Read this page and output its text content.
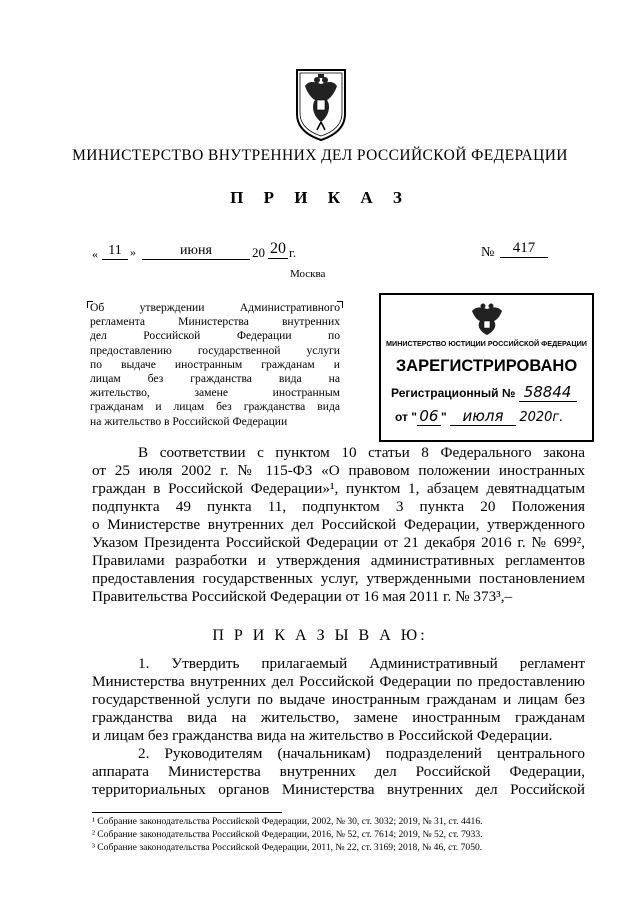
МИНИСТЕРСТВО ВНУТРЕННИХ ДЕЛ РОССИЙСКОЙ ФЕДЕРАЦИИ
П Р И К А З
« 11 »	июня	20 20 г.	№	417
Москва
Об утверждении Административного
регламента Министерства внутренних
дел Российской Федерации по
предоставлению государственной услуги
по выдаче иностранным гражданам и
лицам без гражданства вида на
жительство, замене иностранным
гражданам и лицам без гражданства вида
на жительство в Российской Федерации
МИНИСТЕРСТВО ЮСТИЦИИ РОССИЙСКОЙ ФЕДЕРАЦИИ
ЗАРЕГИСТРИРОВАНО
Регистрационный № 58844
от " 06 " июля 2020г.
В соответствии с пунктом 10 статьи 8 Федерального закона
от 25 июля 2002 г. № 115-ФЗ «О правовом положении иностранных
граждан в Российской Федерации»¹, пунктом 1, абзацем девятнадцатым
подпункта 49 пункта 11, подпунктом 3 пункта 20 Положения
о Министерстве внутренних дел Российской Федерации, утвержденного
Указом Президента Российской Федерации от 21 декабря 2016 г. № 699²,
Правилами разработки и утверждения административных регламентов
предоставления государственных услуг, утвержденными постановлением
Правительства Российской Федерации от 16 мая 2011 г. № 373³,–
П Р И К А З Ы В А Ю:
1. Утвердить прилагаемый Административный регламент
Министерства внутренних дел Российской Федерации по предоставлению
государственной услуги по выдаче иностранным гражданам и лицам без
гражданства вида на жительство, замене иностранным гражданам
и лицам без гражданства вида на жительство в Российской Федерации.
2. Руководителям (начальникам) подразделений центрального
аппарата Министерства внутренних дел Российской Федерации,
территориальных органов Министерства внутренних дел Российской
¹ Собрание законодательства Российской Федерации, 2002, № 30, ст. 3032; 2019, № 31, ст. 4416.
² Собрание законодательства Российской Федерации, 2016, № 52, ст. 7614; 2019, № 52, ст. 7933.
³ Собрание законодательства Российской Федерации, 2011, № 22, ст. 3169; 2018, № 46, ст. 7050.
